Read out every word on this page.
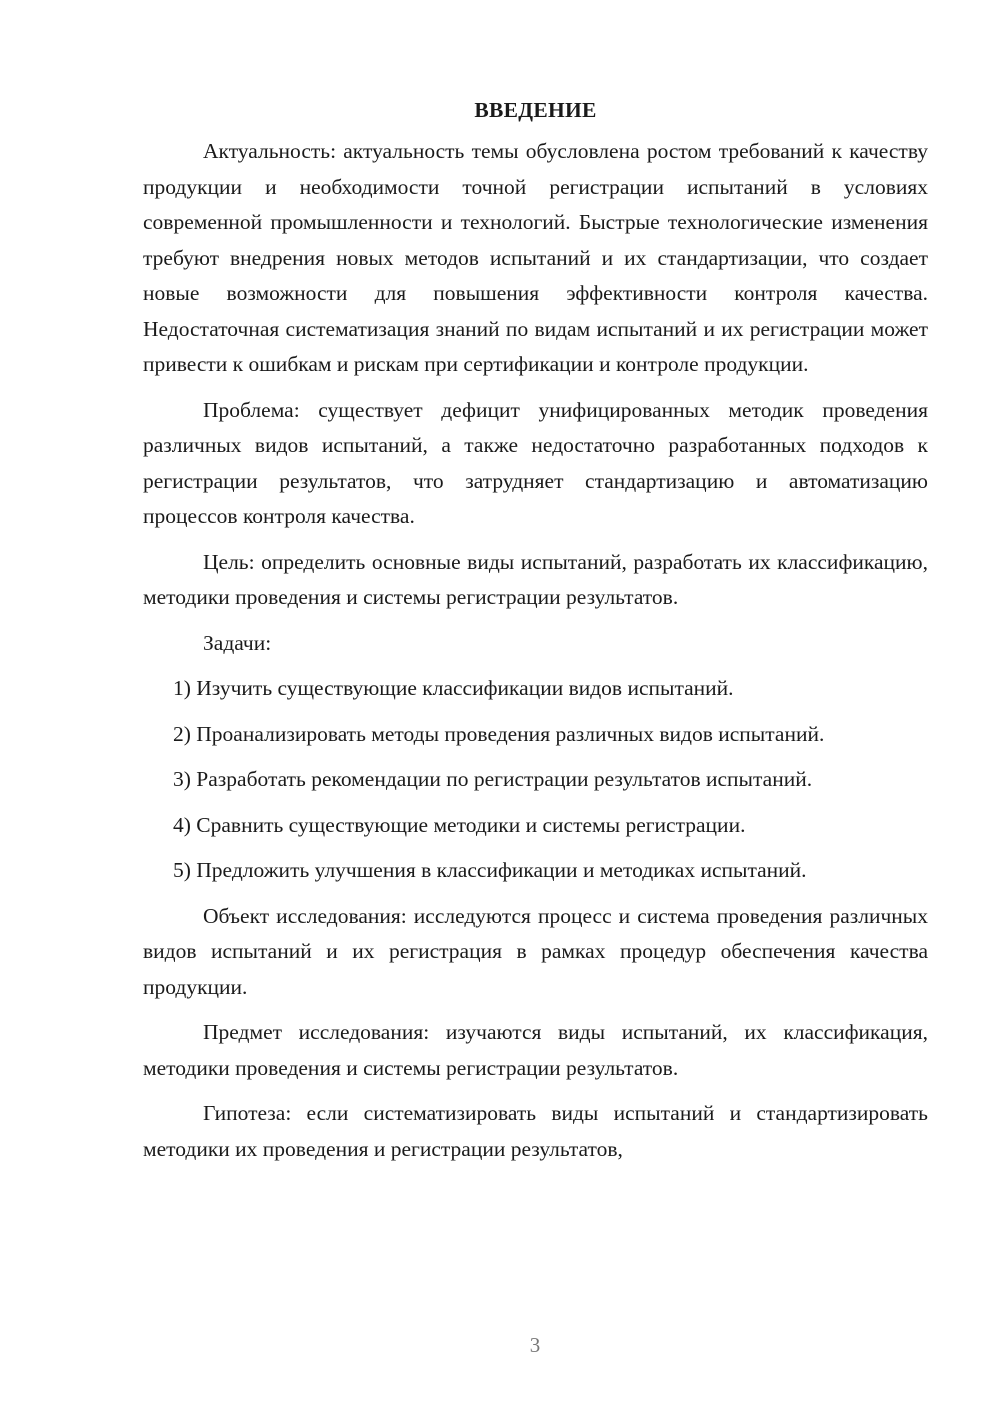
ВВЕДЕНИЕ

Актуальность: актуальность темы обусловлена ростом требований к качеству продукции и необходимости точной регистрации испытаний в условиях современной промышленности и технологий. Быстрые технологические изменения требуют внедрения новых методов испытаний и их стандартизации, что создает новые возможности для повышения эффективности контроля качества. Недостаточная систематизация знаний по видам испытаний и их регистрации может привести к ошибкам и рискам при сертификации и контроле продукции.

Проблема: существует дефицит унифицированных методик проведения различных видов испытаний, а также недостаточно разработанных подходов к регистрации результатов, что затрудняет стандартизацию и автоматизацию процессов контроля качества.

Цель: определить основные виды испытаний, разработать их классификацию, методики проведения и системы регистрации результатов.

Задачи:

1) Изучить существующие классификации видов испытаний.

2) Проанализировать методы проведения различных видов испытаний.

3) Разработать рекомендации по регистрации результатов испытаний.

4) Сравнить существующие методики и системы регистрации.

5) Предложить улучшения в классификации и методиках испытаний.

Объект исследования: исследуются процесс и система проведения различных видов испытаний и их регистрация в рамках процедур обеспечения качества продукции.

Предмет исследования: изучаются виды испытаний, их классификация, методики проведения и системы регистрации результатов.

Гипотеза: если систематизировать виды испытаний и стандартизировать методики их проведения и регистрации результатов,

3
